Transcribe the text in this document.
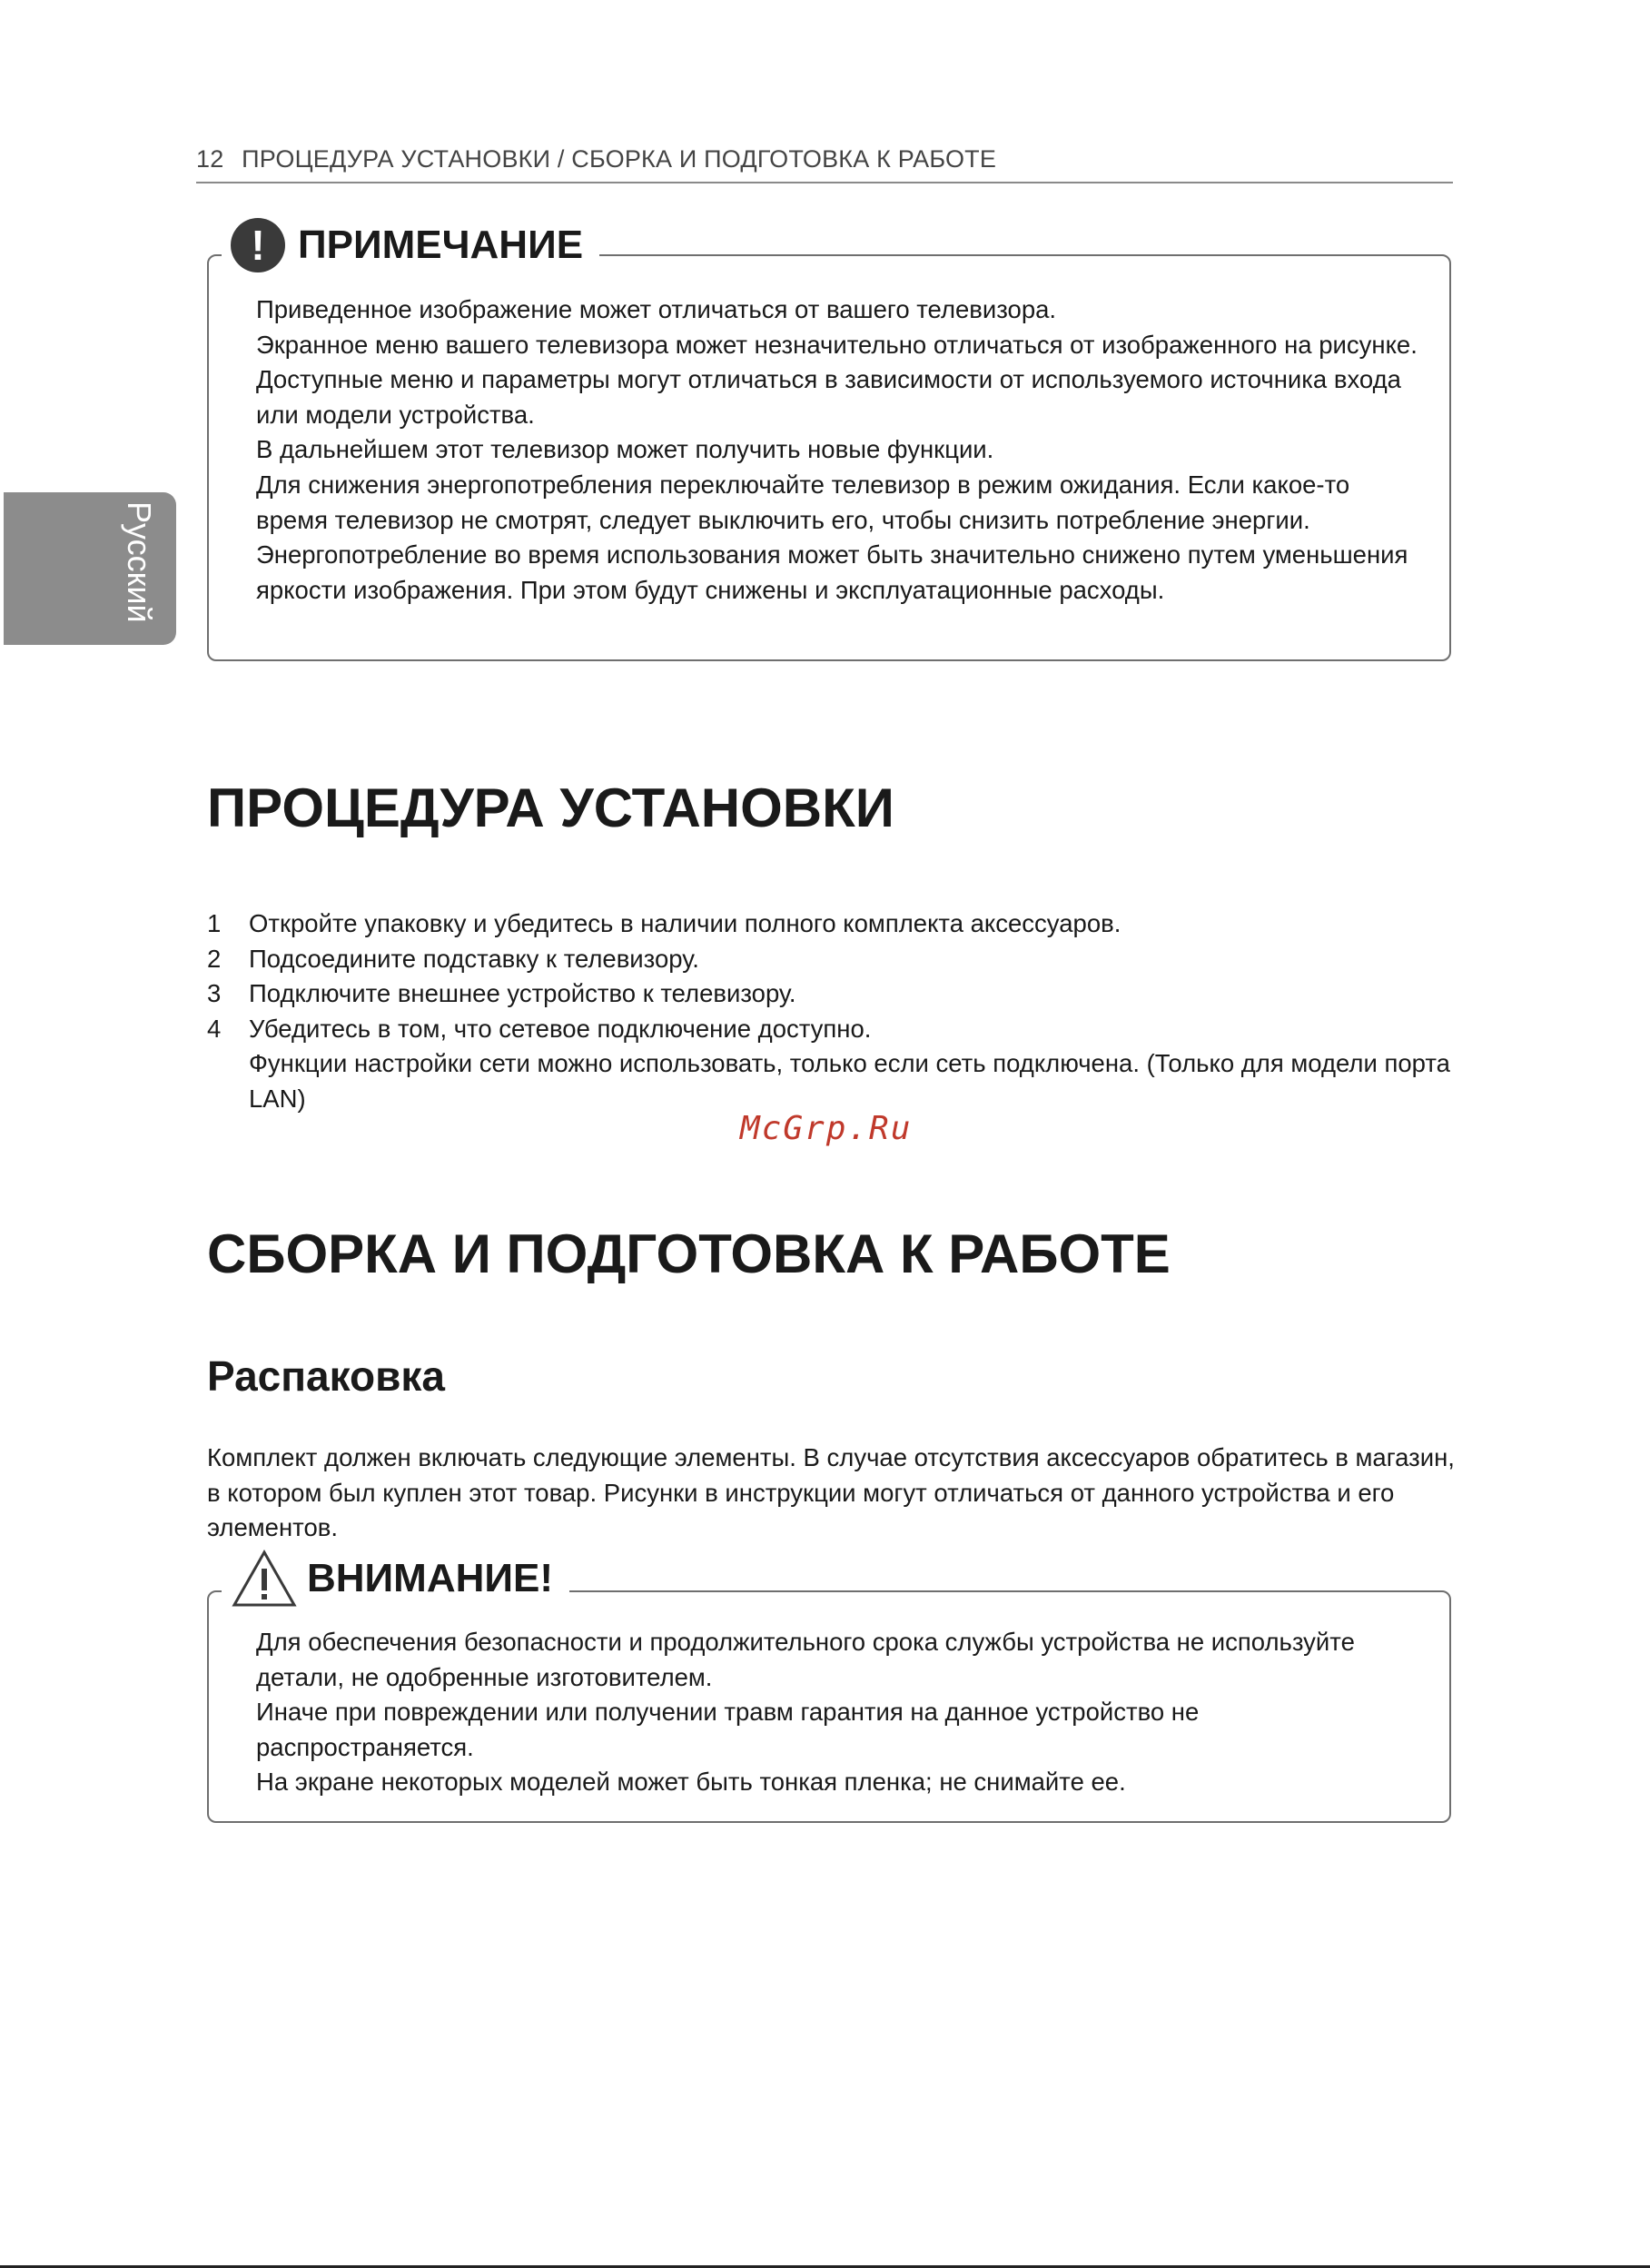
12 ПРОЦЕДУРА УСТАНОВКИ / СБОРКА И ПОДГОТОВКА К РАБОТЕ
Русский
! ПРИМЕЧАНИЕ

Приведенное изображение может отличаться от вашего телевизора.

Экранное меню вашего телевизора может незначительно отличаться от изображенного на рисунке.

Доступные меню и параметры могут отличаться в зависимости от используемого источника входа или модели устройства.

В дальнейшем этот телевизор может получить новые функции.

Для снижения энергопотребления переключайте телевизор в режим ожидания. Если какое-то время телевизор не смотрят, следует выключить его, чтобы снизить потребление энергии.

Энергопотребление во время использования может быть значительно снижено путем уменьшения яркости изображения. При этом будут снижены и эксплуатационные расходы.

ПРОЦЕДУРА УСТАНОВКИ
1	Откройте упаковку и убедитесь в наличии полного комплекта аксессуаров.
2	Подсоедините подставку к телевизору.
3	Подключите внешнее устройство к телевизору.
4	Убедитесь в том, что сетевое подключение доступно.
Функции настройки сети можно использовать, только если сеть подключена. (Только для модели порта LAN)
McGrp.Ru
СБОРКА И ПОДГОТОВКА К РАБОТЕ
Распаковка

Комплект должен включать следующие элементы. В случае отсутствия аксессуаров обратитесь в магазин, в котором был куплен этот товар. Рисунки в инструкции могут отличаться от данного устройства и его элементов.

ВНИМАНИЕ!

Для обеспечения безопасности и продолжительного срока службы устройства не используйте детали, не одобренные изготовителем.

Иначе при повреждении или получении травм гарантия на данное устройство не распространяется.

На экране некоторых моделей может быть тонкая пленка; не снимайте ее.
